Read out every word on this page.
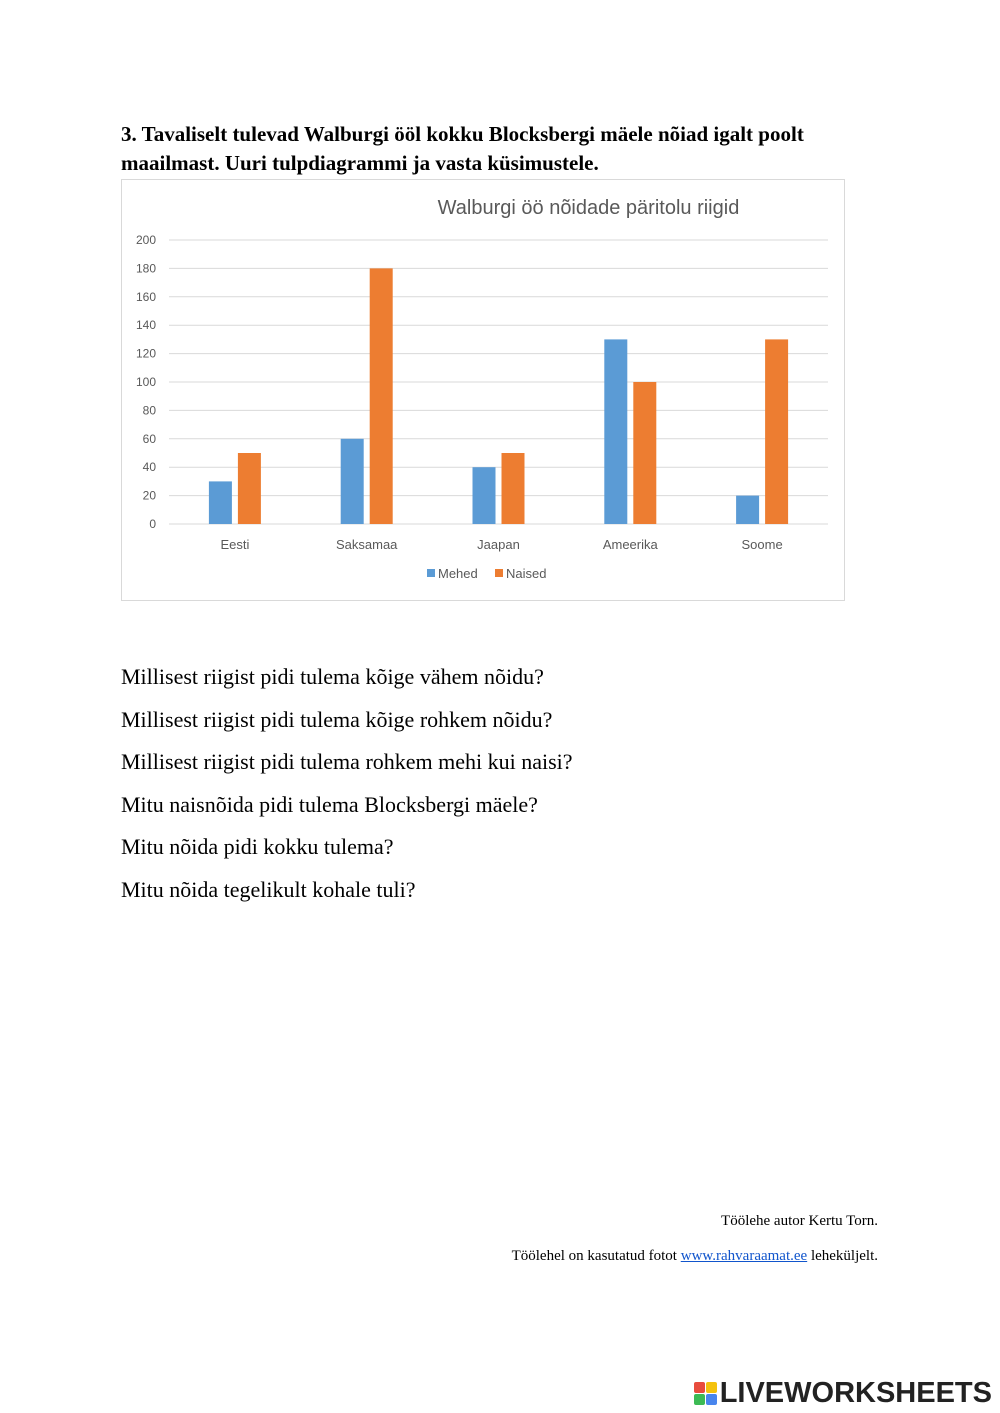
3. Tavaliselt tulevad Walburgi ööl kokku Blocksbergi mäele nõiad igalt poolt maailmast. Uuri tulpdiagrammi ja vasta küsimustele.

Walburgi öö nõidade päritolu riigid
0
20
40
60
80
100
120
140
160
180
200
Eesti	Saksamaa	Jaapan	Ameerika	Soome
Mehed Naised
Millisest riigist pidi tulema kõige vähem nõidu?
Millisest riigist pidi tulema kõige rohkem nõidu?
Millisest riigist pidi tulema rohkem mehi kui naisi?
Mitu naisnõida pidi tulema Blocksbergi mäele?
Mitu nõida pidi kokku tulema?
Mitu nõida tegelikult kohale tuli?
Töölehe autor Kertu Torn.
Töölehel on kasutatud fotot www.rahvaraamat.ee leheküljelt.
LIVEWORKSHEETS
